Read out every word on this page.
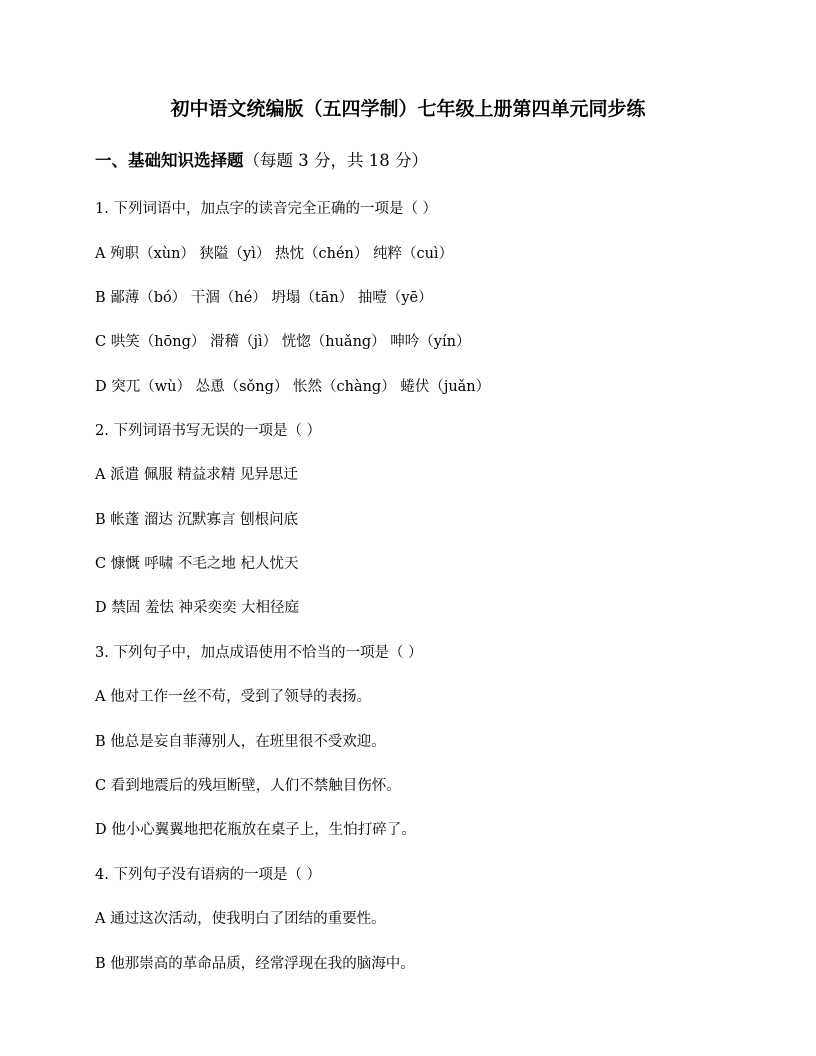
初中语文统编版（五四学制）七年级上册第四单元同步练
一、基础知识选择题（每题 3 分，共 18 分）
1. 下列词语中，加点字的读音完全正确的一项是（ ）
A 殉职（xùn） 狭隘（yì） 热忱（chén） 纯粹（cuì）
B 鄙薄（bó） 干涸（hé） 坍塌（tān） 抽噎（yē）
C 哄笑（hōng） 滑稽（jì） 恍惚（huǎng） 呻吟（yín）
D 突兀（wù） 怂恿（sǒng） 怅然（chàng） 蜷伏（juǎn）
2. 下列词语书写无误的一项是（ ）
A 派遣 佩服 精益求精 见异思迁
B 帐蓬 溜达 沉默寡言 刨根问底
C 慷慨 呼啸 不毛之地 杞人忧天
D 禁固 羞怯 神采奕奕 大相径庭
3. 下列句子中，加点成语使用不恰当的一项是（ ）
A 他对工作一丝不苟，受到了领导的表扬。
B 他总是妄自菲薄别人，在班里很不受欢迎。
C 看到地震后的残垣断壁，人们不禁触目伤怀。
D 他小心翼翼地把花瓶放在桌子上，生怕打碎了。
4. 下列句子没有语病的一项是（ ）
A 通过这次活动，使我明白了团结的重要性。
B 他那崇高的革命品质，经常浮现在我的脑海中。
